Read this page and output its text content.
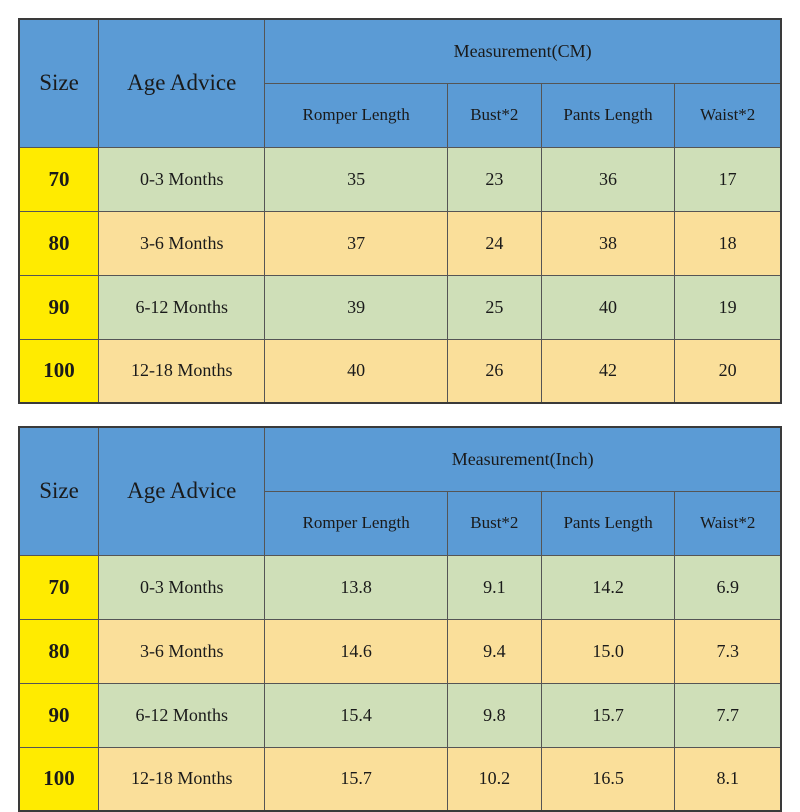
Size	Age Advice	Measurement(CM)			
		Romper Length	Bust*2	Pants Length	Waist*2
70	0-3 Months	35	23	36	17
80	3-6 Months	37	24	38	18
90	6-12 Months	39	25	40	19
100	12-18 Months	40	26	42	20
Size	Age Advice	Measurement(Inch)			
		Romper Length	Bust*2	Pants Length	Waist*2
70	0-3 Months	13.8	9.1	14.2	6.9
80	3-6 Months	14.6	9.4	15.0	7.3
90	6-12 Months	15.4	9.8	15.7	7.7
100	12-18 Months	15.7	10.2	16.5	8.1
